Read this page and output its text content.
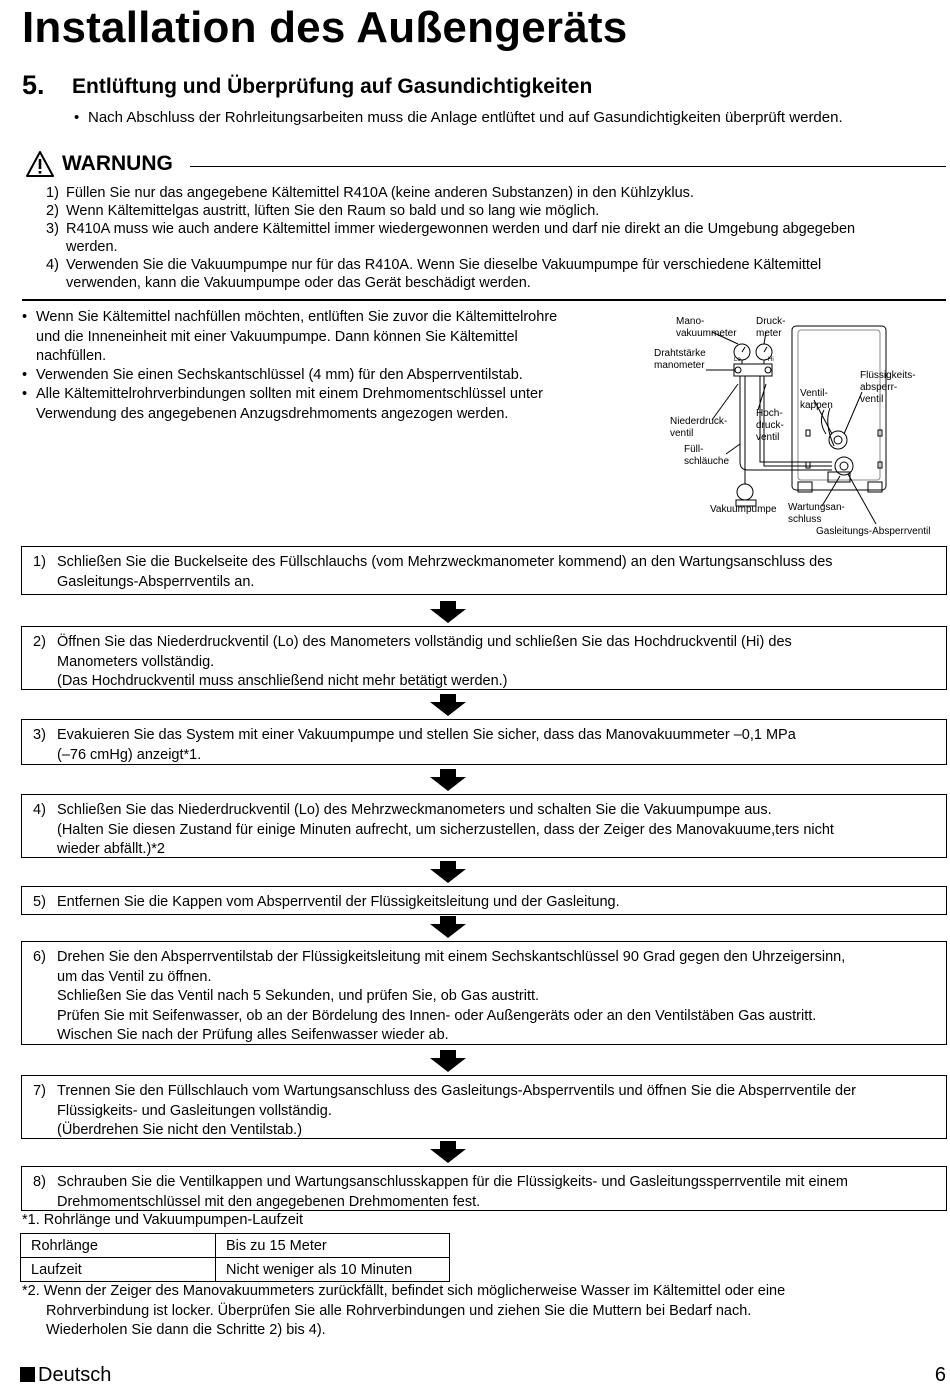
Installation des Außengeräts
5. Entlüftung und Überprüfung auf Gasundichtigkeiten
• Nach Abschluss der Rohrleitungsarbeiten muss die Anlage entlüftet und auf Gasundichtigkeiten überprüft werden.
WARNUNG
1) Füllen Sie nur das angegebene Kältemittel R410A (keine anderen Substanzen) in den Kühlzyklus.
2) Wenn Kältemittelgas austritt, lüften Sie den Raum so bald und so lang wie möglich.
3) R410A muss wie auch andere Kältemittel immer wiedergewonnen werden und darf nie direkt an die Umgebung abgegeben
werden.
4) Verwenden Sie die Vakuumpumpe nur für das R410A. Wenn Sie dieselbe Vakuumpumpe für verschiedene Kältemittel
verwenden, kann die Vakuumpumpe oder das Gerät beschädigt werden.
• Wenn Sie Kältemittel nachfüllen möchten, entlüften Sie zuvor die Kältemittelrohre
und die Inneneinheit mit einer Vakuumpumpe. Dann können Sie Kältemittel
nachfüllen.
• Verwenden Sie einen Sechskantschlüssel (4 mm) für den Absperrventilstab.
• Alle Kältemittelrohrverbindungen sollten mit einem Drehmomentschlüssel unter
Verwendung des angegebenen Anzugsdrehmoments angezogen werden.
Mano-
vakuummeter
Druck-
meter
Drahtstärke
manometer
Niederdruck-
ventil
Hoch-
druck-
ventil
Füll-
schläuche
Ventil-
kappen
Flüssigkeits-
absperr-
ventil
Vakuumpumpe Wartungsan-
schluss
Gasleitungs-Absperrventil
Lo	Hi
1) Schließen Sie die Buckelseite des Füllschlauchs (vom Mehrzweckmanometer kommend) an den Wartungsanschluss des
Gasleitungs-Absperrventils an.
2) Öffnen Sie das Niederdruckventil (Lo) des Manometers vollständig und schließen Sie das Hochdruckventil (Hi) des
Manometers vollständig.
(Das Hochdruckventil muss anschließend nicht mehr betätigt werden.)
3) Evakuieren Sie das System mit einer Vakuumpumpe und stellen Sie sicher, dass das Manovakuummeter –0,1 MPa
(–76 cmHg) anzeigt*1.
4) Schließen Sie das Niederdruckventil (Lo) des Mehrzweckmanometers und schalten Sie die Vakuumpumpe aus.
(Halten Sie diesen Zustand für einige Minuten aufrecht, um sicherzustellen, dass der Zeiger des Manovakuume,ters nicht
wieder abfällt.)*2
5) Entfernen Sie die Kappen vom Absperrventil der Flüssigkeitsleitung und der Gasleitung.
6) Drehen Sie den Absperrventilstab der Flüssigkeitsleitung mit einem Sechskantschlüssel 90 Grad gegen den Uhrzeigersinn,
um das Ventil zu öffnen.
Schließen Sie das Ventil nach 5 Sekunden, und prüfen Sie, ob Gas austritt.
Prüfen Sie mit Seifenwasser, ob an der Bördelung des Innen- oder Außengeräts oder an den Ventilstäben Gas austritt.
Wischen Sie nach der Prüfung alles Seifenwasser wieder ab.
7) Trennen Sie den Füllschlauch vom Wartungsanschluss des Gasleitungs-Absperrventils und öffnen Sie die Absperrventile der
Flüssigkeits- und Gasleitungen vollständig.
(Überdrehen Sie nicht den Ventilstab.)
8) Schrauben Sie die Ventilkappen und Wartungsanschlusskappen für die Flüssigkeits- und Gasleitungssperrventile mit einem
Drehmomentschlüssel mit den angegebenen Drehmomenten fest.
*1. Rohrlänge und Vakuumpumpen-Laufzeit
Rohrlänge	Bis zu 15 Meter
Laufzeit	Nicht weniger als 10 Minuten
*2. Wenn der Zeiger des Manovakuummeters zurückfällt, befindet sich möglicherweise Wasser im Kältemittel oder eine
Rohrverbindung ist locker. Überprüfen Sie alle Rohrverbindungen und ziehen Sie die Muttern bei Bedarf nach.
Wiederholen Sie dann die Schritte 2) bis 4).
Deutsch	6
